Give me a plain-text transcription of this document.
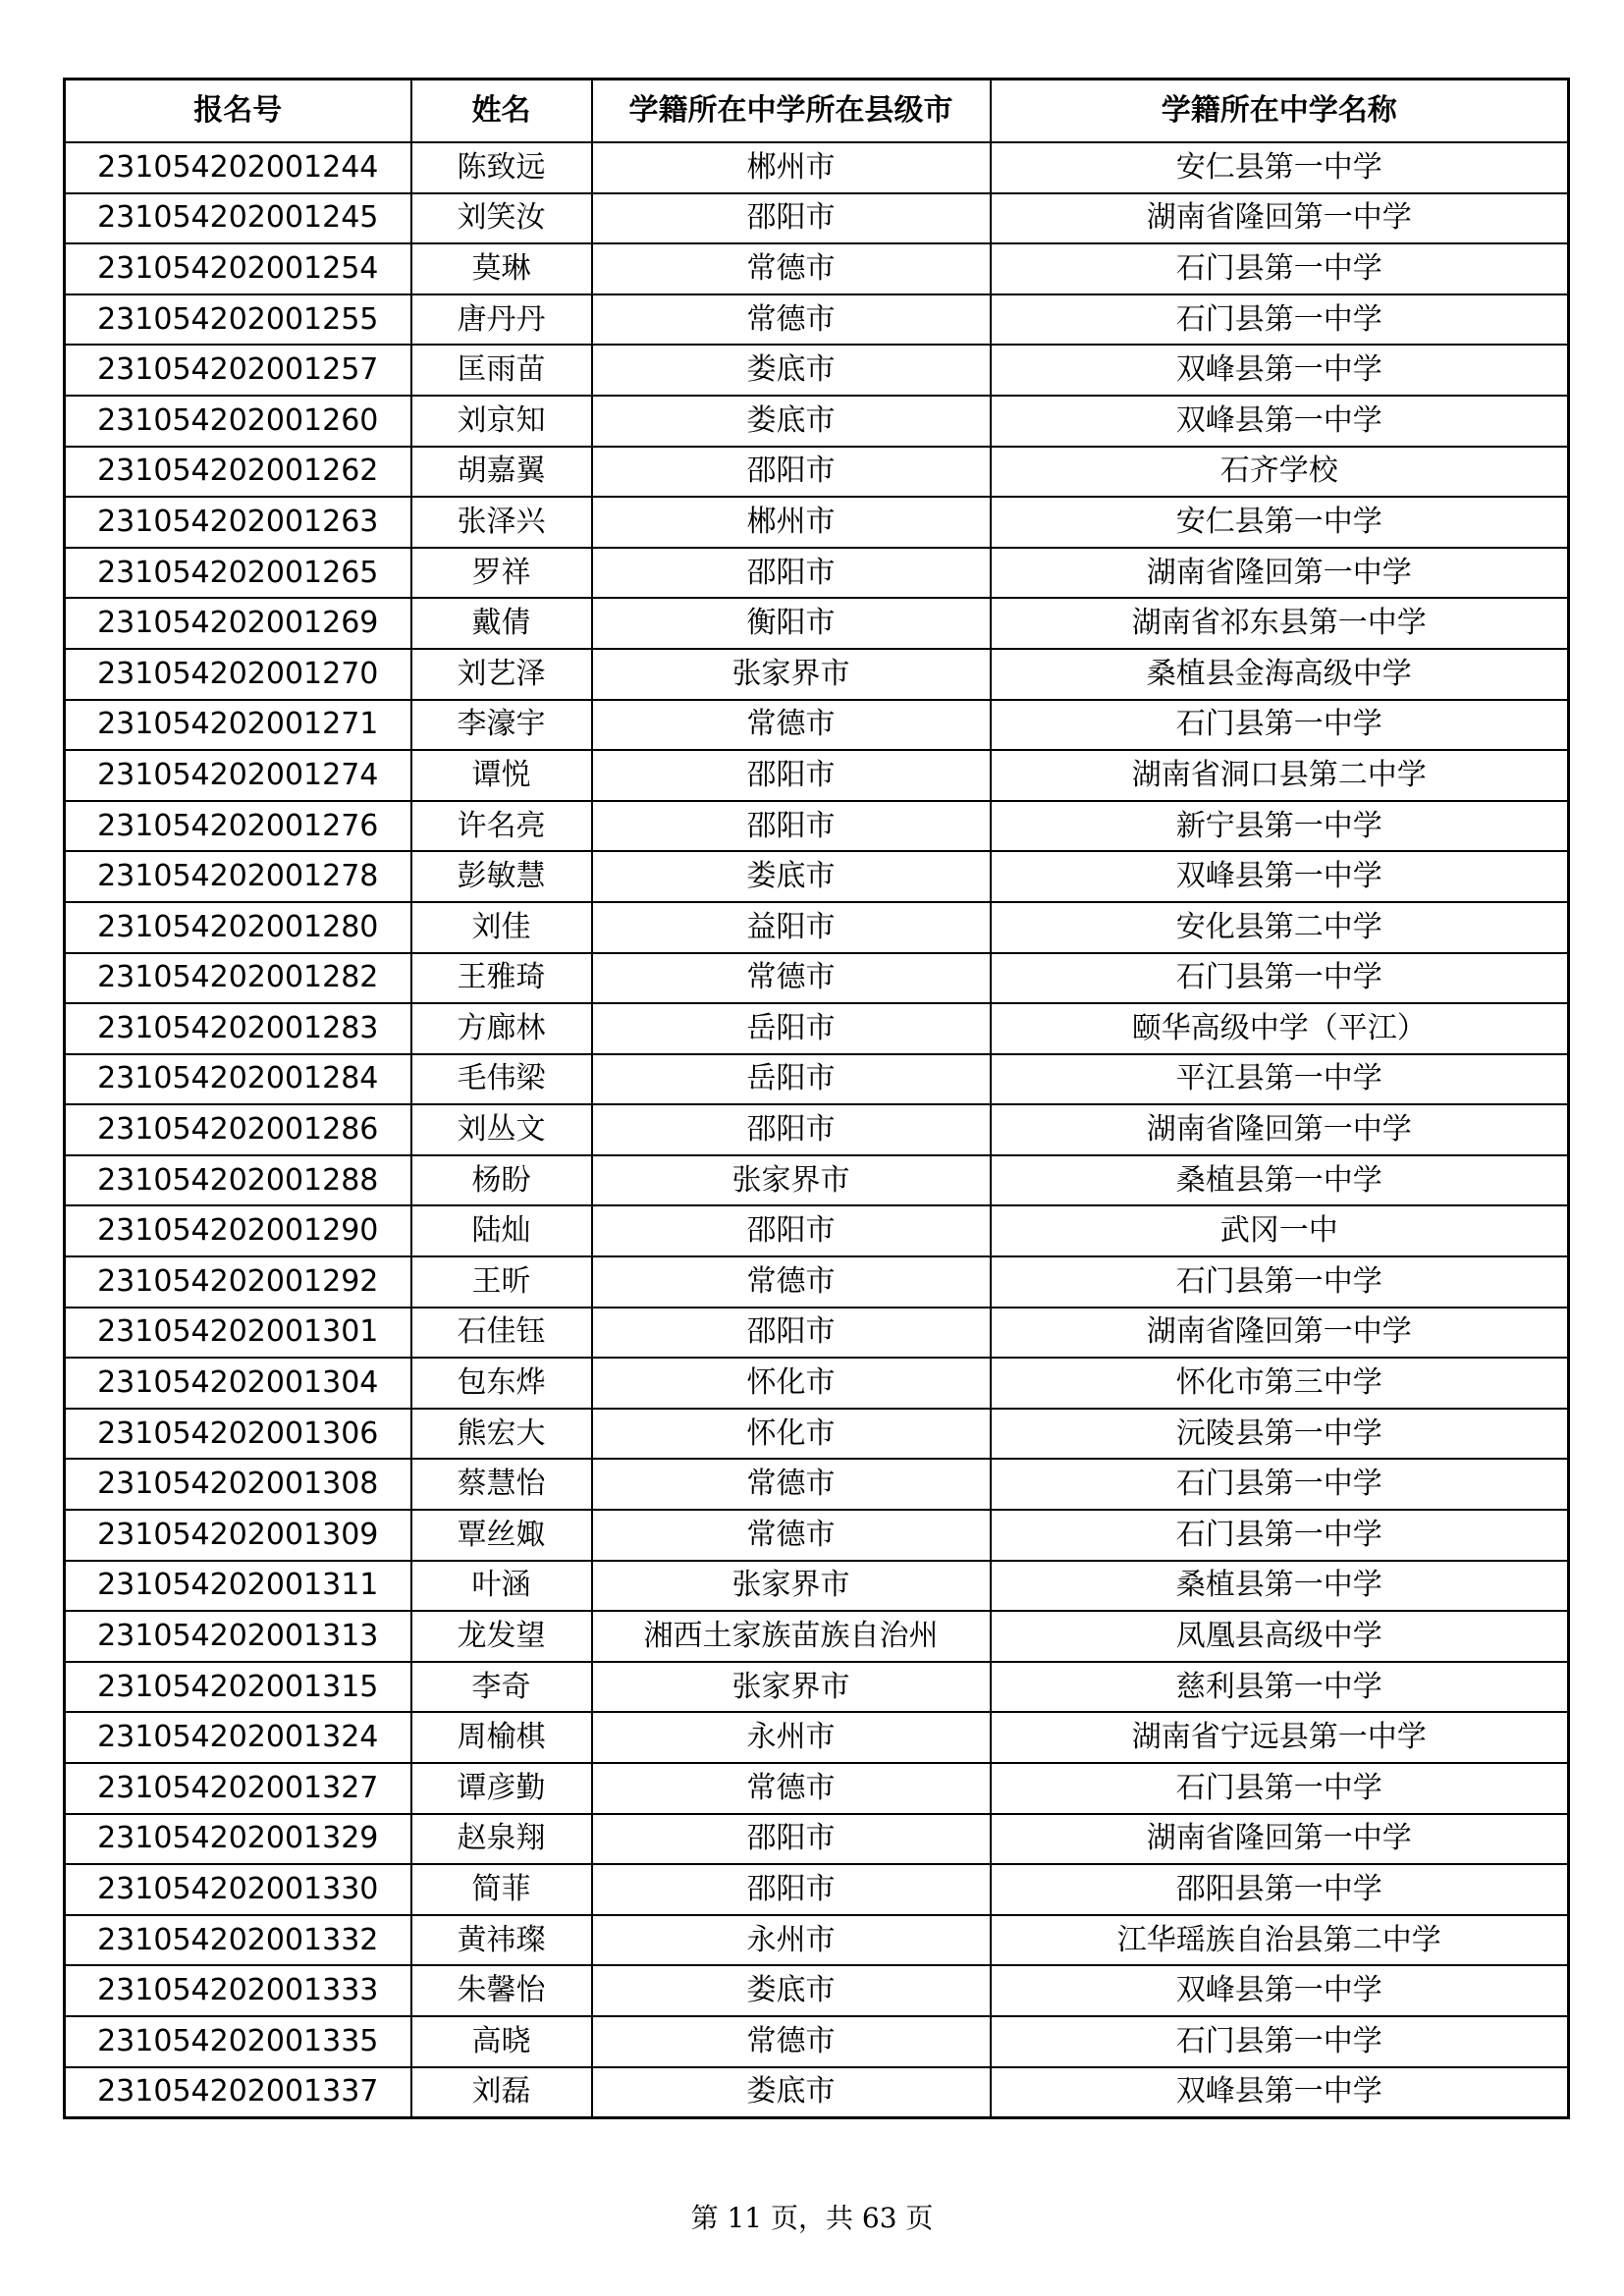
报名号	姓名	学籍所在中学所在县级市	学籍所在中学名称
231054202001244	陈致远	郴州市	安仁县第一中学
231054202001245	刘笑汝	邵阳市	湖南省隆回第一中学
231054202001254	莫琳	常德市	石门县第一中学
231054202001255	唐丹丹	常德市	石门县第一中学
231054202001257	匡雨苗	娄底市	双峰县第一中学
231054202001260	刘京知	娄底市	双峰县第一中学
231054202001262	胡嘉翼	邵阳市	石齐学校
231054202001263	张泽兴	郴州市	安仁县第一中学
231054202001265	罗祥	邵阳市	湖南省隆回第一中学
231054202001269	戴倩	衡阳市	湖南省祁东县第一中学
231054202001270	刘艺泽	张家界市	桑植县金海高级中学
231054202001271	李濠宇	常德市	石门县第一中学
231054202001274	谭悦	邵阳市	湖南省洞口县第二中学
231054202001276	许名亮	邵阳市	新宁县第一中学
231054202001278	彭敏慧	娄底市	双峰县第一中学
231054202001280	刘佳	益阳市	安化县第二中学
231054202001282	王雅琦	常德市	石门县第一中学
231054202001283	方廊林	岳阳市	颐华高级中学（平江）
231054202001284	毛伟梁	岳阳市	平江县第一中学
231054202001286	刘丛文	邵阳市	湖南省隆回第一中学
231054202001288	杨盼	张家界市	桑植县第一中学
231054202001290	陆灿	邵阳市	武冈一中
231054202001292	王昕	常德市	石门县第一中学
231054202001301	石佳钰	邵阳市	湖南省隆回第一中学
231054202001304	包东烨	怀化市	怀化市第三中学
231054202001306	熊宏大	怀化市	沅陵县第一中学
231054202001308	蔡慧怡	常德市	石门县第一中学
231054202001309	覃丝娵	常德市	石门县第一中学
231054202001311	叶涵	张家界市	桑植县第一中学
231054202001313	龙发望	湘西土家族苗族自治州	凤凰县高级中学
231054202001315	李奇	张家界市	慈利县第一中学
231054202001324	周榆棋	永州市	湖南省宁远县第一中学
231054202001327	谭彦勤	常德市	石门县第一中学
231054202001329	赵泉翔	邵阳市	湖南省隆回第一中学
231054202001330	简菲	邵阳市	邵阳县第一中学
231054202001332	黄祎璨	永州市	江华瑶族自治县第二中学
231054202001333	朱馨怡	娄底市	双峰县第一中学
231054202001335	高晓	常德市	石门县第一中学
231054202001337	刘磊	娄底市	双峰县第一中学
第 11 页，共 63 页
